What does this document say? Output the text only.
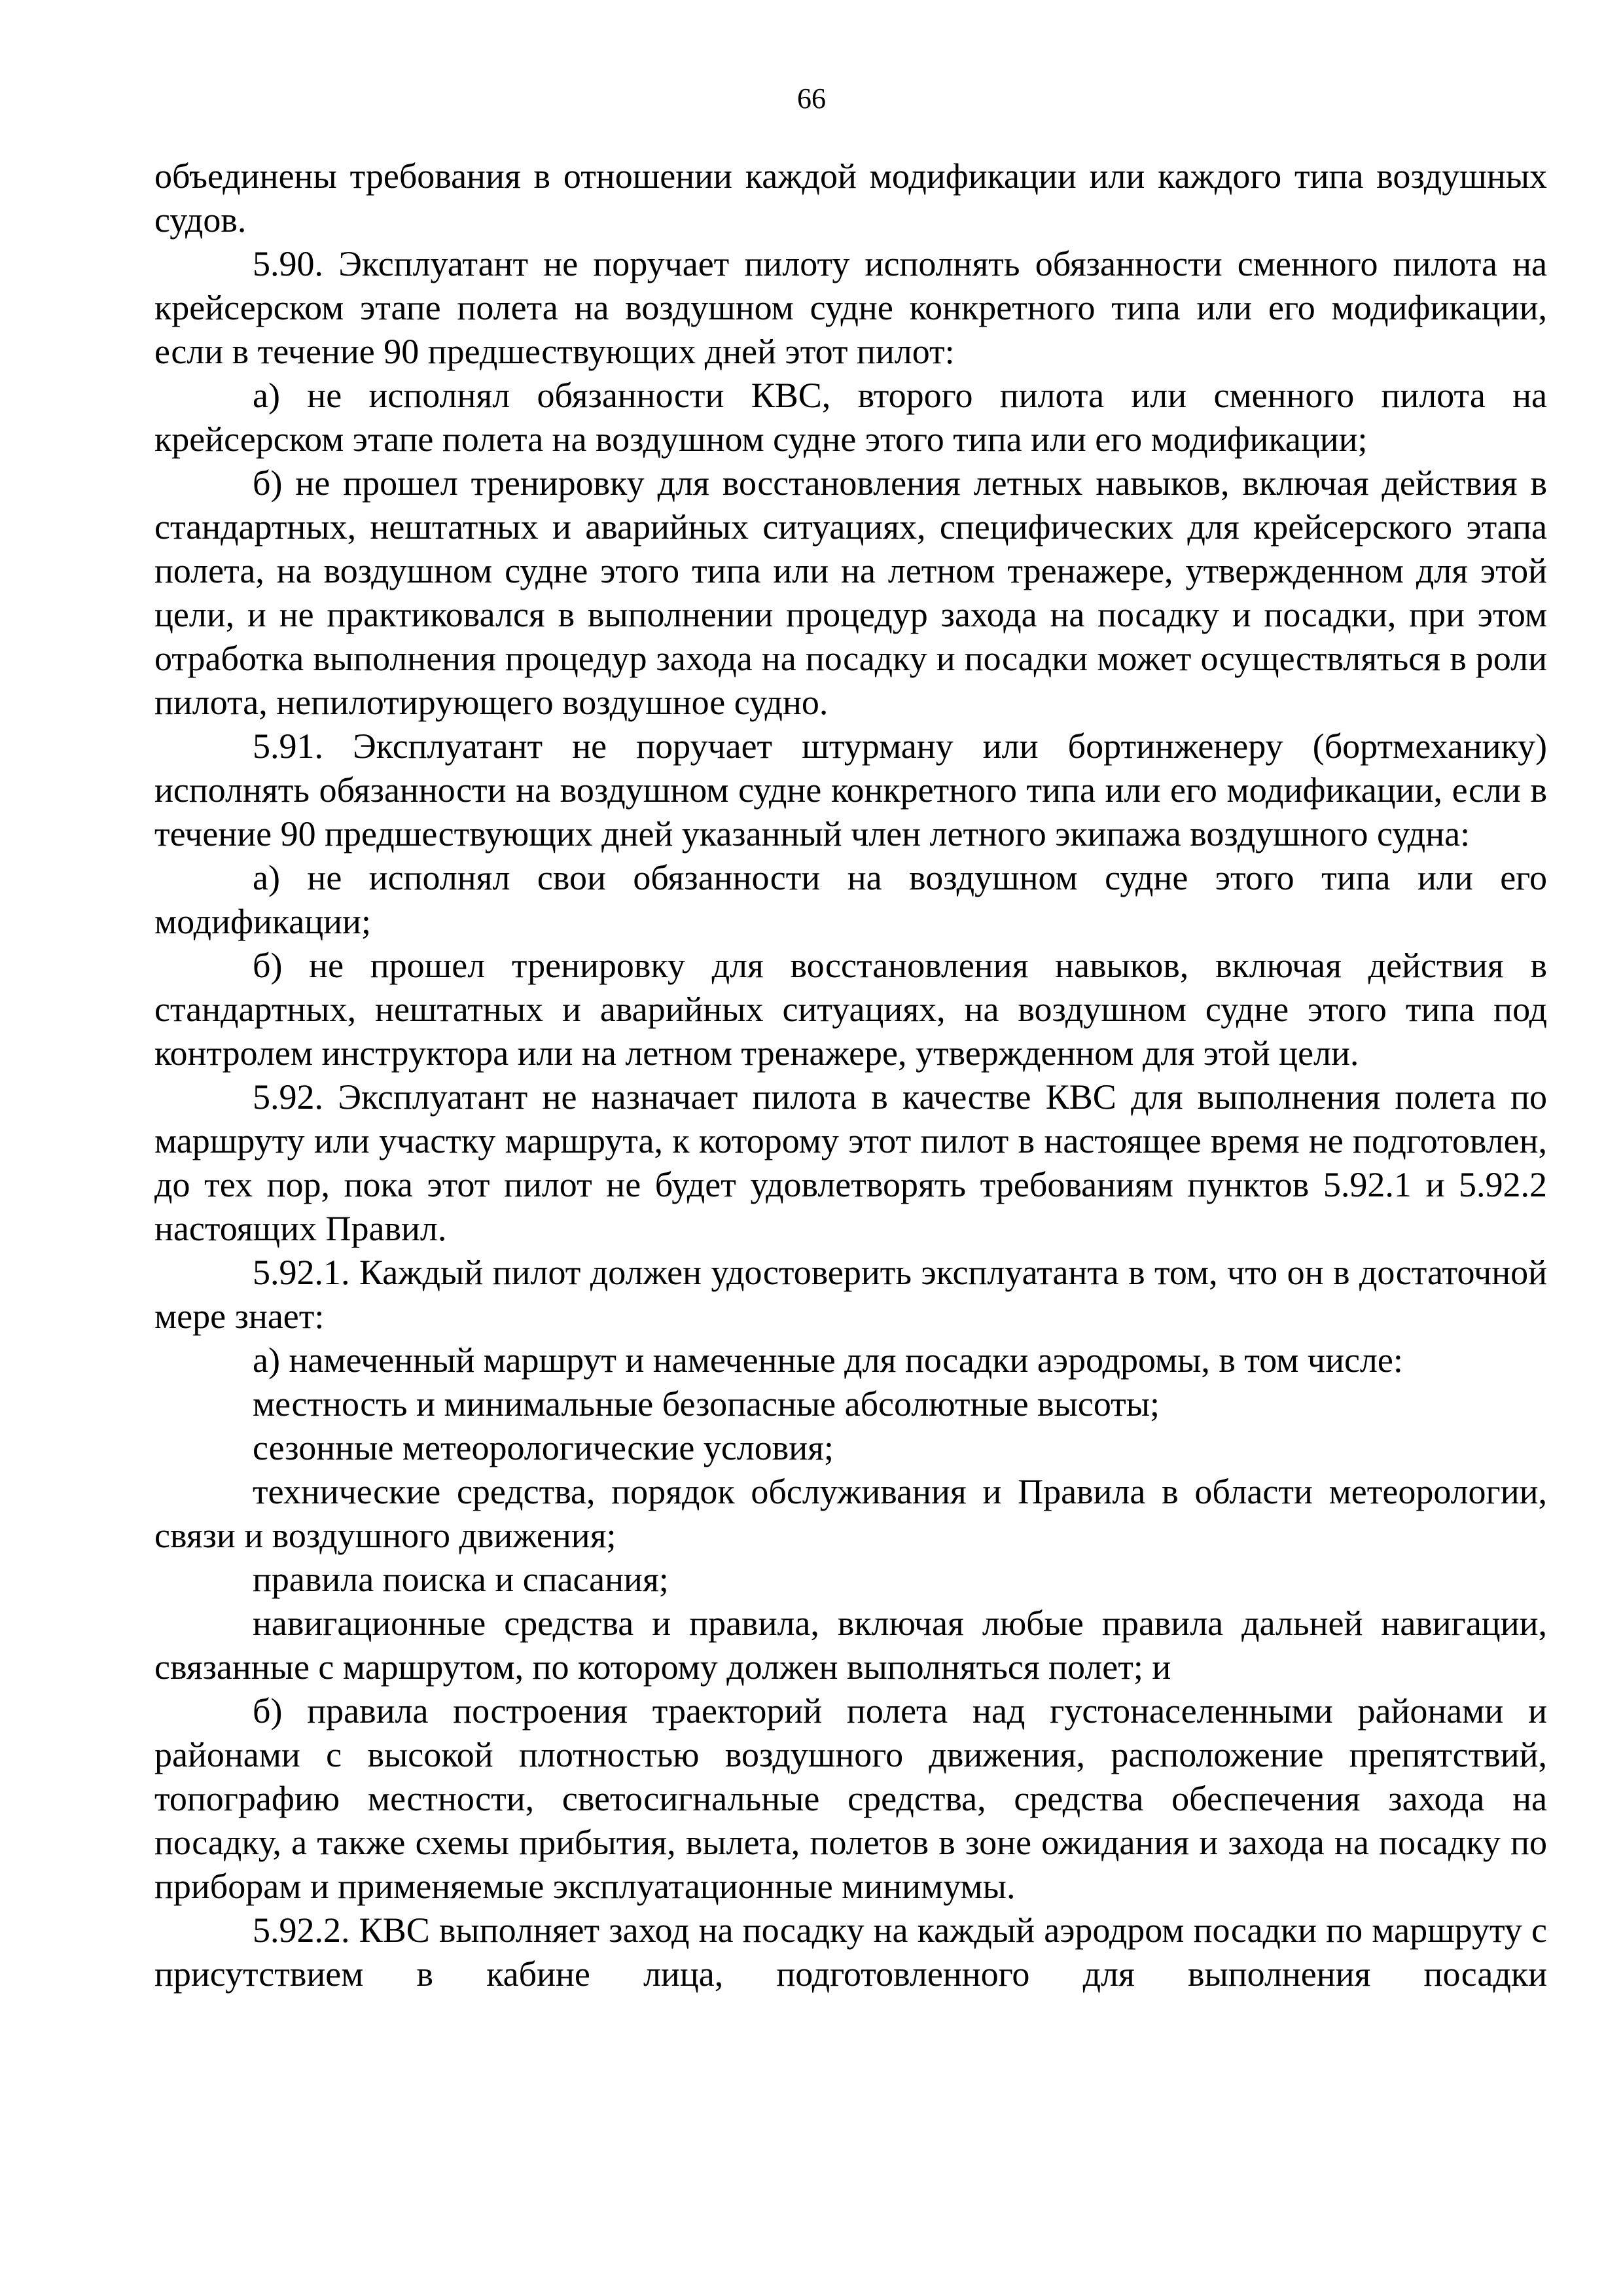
66

объединены требования в отношении каждой модификации или каждого типа воздушных судов.

5.90. Эксплуатант не поручает пилоту исполнять обязанности сменного пилота на крейсерском этапе полета на воздушном судне конкретного типа или его модификации, если в течение 90 предшествующих дней этот пилот:

а) не исполнял обязанности КВС, второго пилота или сменного пилота на крейсерском этапе полета на воздушном судне этого типа или его модификации;

б) не прошел тренировку для восстановления летных навыков, включая действия в стандартных, нештатных и аварийных ситуациях, специфических для крейсерского этапа полета, на воздушном судне этого типа или на летном тренажере, утвержденном для этой цели, и не практиковался в выполнении процедур захода на посадку и посадки, при этом отработка выполнения процедур захода на посадку и посадки может осуществляться в роли пилота, непилотирующего воздушное судно.

5.91. Эксплуатант не поручает штурману или бортинженеру (бортмеханику) исполнять обязанности на воздушном судне конкретного типа или его модификации, если в течение 90 предшествующих дней указанный член летного экипажа воздушного судна:

а) не исполнял свои обязанности на воздушном судне этого типа или его модификации;

б) не прошел тренировку для восстановления навыков, включая действия в стандартных, нештатных и аварийных ситуациях, на воздушном судне этого типа под контролем инструктора или на летном тренажере, утвержденном для этой цели.

5.92. Эксплуатант не назначает пилота в качестве КВС для выполнения полета по маршруту или участку маршрута, к которому этот пилот в настоящее время не подготовлен, до тех пор, пока этот пилот не будет удовлетворять требованиям пунктов 5.92.1 и 5.92.2 настоящих Правил.

5.92.1. Каждый пилот должен удостоверить эксплуатанта в том, что он в достаточной мере знает:

а) намеченный маршрут и намеченные для посадки аэродромы, в том числе:

местность и минимальные безопасные абсолютные высоты;

сезонные метеорологические условия;

технические средства, порядок обслуживания и Правила в области метеорологии, связи и воздушного движения;

правила поиска и спасания;

навигационные средства и правила, включая любые правила дальней навигации, связанные с маршрутом, по которому должен выполняться полет; и

б) правила построения траекторий полета над густонаселенными районами и районами с высокой плотностью воздушного движения, расположение препятствий, топографию местности, светосигнальные средства, средства обеспечения захода на посадку, а также схемы прибытия, вылета, полетов в зоне ожидания и захода на посадку по приборам и применяемые эксплуатационные минимумы.

5.92.2. КВС выполняет заход на посадку на каждый аэродром посадки по маршруту с присутствием в кабине лица, подготовленного для выполнения посадки
